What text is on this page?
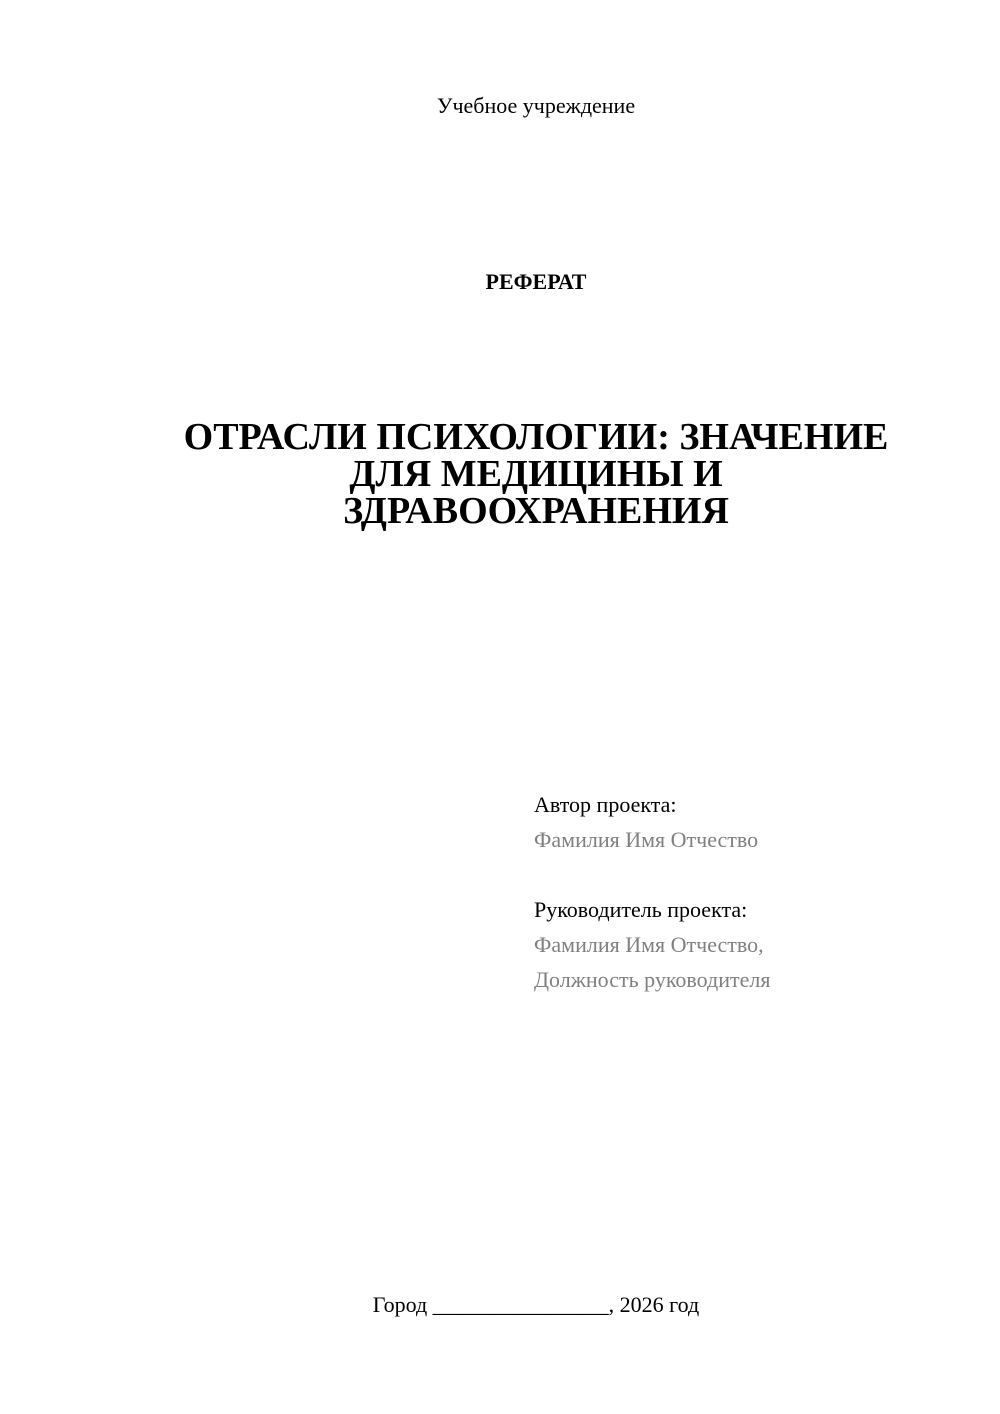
Учебное учреждение
РЕФЕРАТ
ОТРАСЛИ ПСИХОЛОГИИ: ЗНАЧЕНИЕ
ДЛЯ МЕДИЦИНЫ И
ЗДРАВООХРАНЕНИЯ
Автор проекта:
Фамилия Имя Отчество
Руководитель проекта:
Фамилия Имя Отчество,
Должность руководителя
Город ________________, 2026 год
